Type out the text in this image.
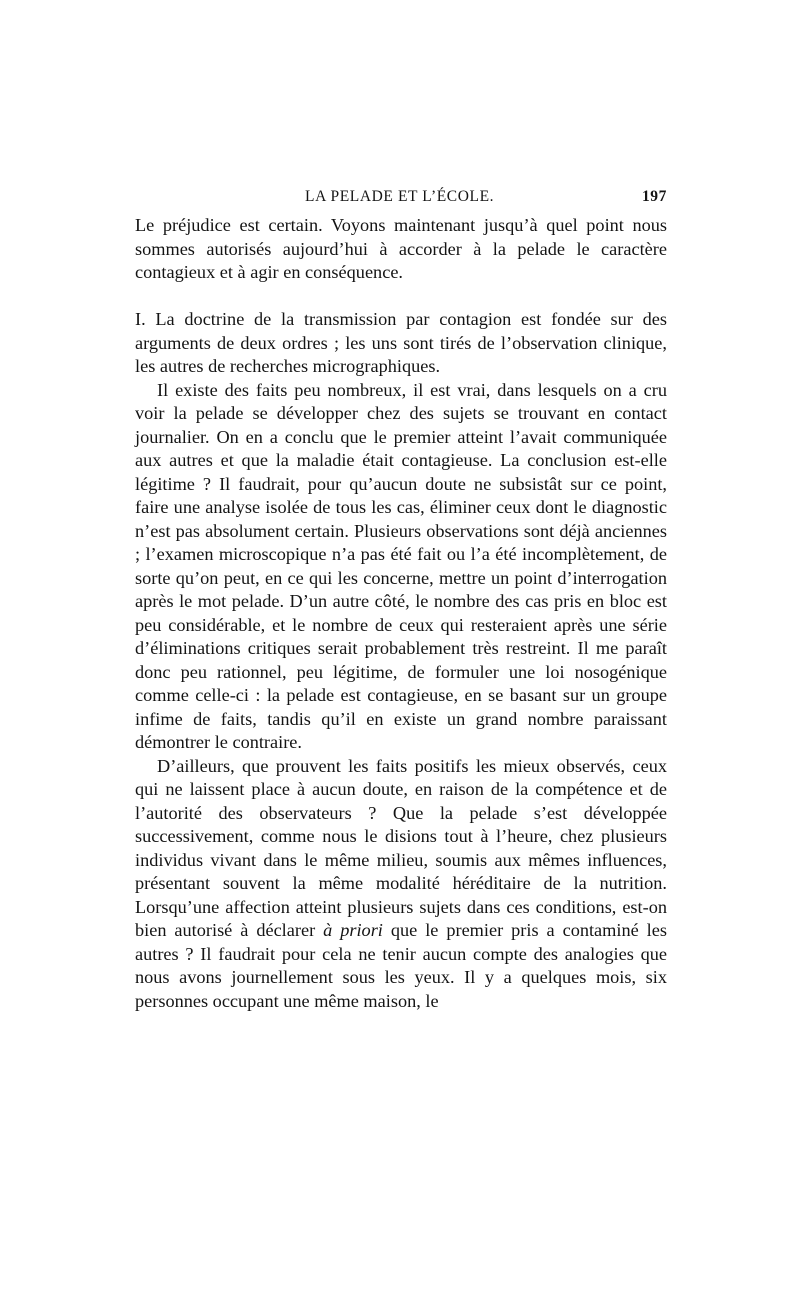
LA PELADE ET L’ÉCOLE.	197

Le préjudice est certain. Voyons maintenant jusqu’à quel point nous sommes autorisés aujourd’hui à accorder à la pelade le caractère contagieux et à agir en conséquence.

I. La doctrine de la transmission par contagion est fondée sur des arguments de deux ordres ; les uns sont tirés de l’observation clinique, les autres de recherches micrographiques.

Il existe des faits peu nombreux, il est vrai, dans lesquels on a cru voir la pelade se développer chez des sujets se trouvant en contact journalier. On en a conclu que le premier atteint l’avait communiquée aux autres et que la maladie était contagieuse. La conclusion est-elle légitime ? Il faudrait, pour qu’aucun doute ne subsistât sur ce point, faire une analyse isolée de tous les cas, éliminer ceux dont le diagnostic n’est pas absolument certain. Plusieurs observations sont déjà anciennes ; l’examen microscopique n’a pas été fait ou l’a été incomplètement, de sorte qu’on peut, en ce qui les concerne, mettre un point d’interrogation après le mot pelade. D’un autre côté, le nombre des cas pris en bloc est peu considérable, et le nombre de ceux qui resteraient après une série d’éliminations critiques serait probablement très restreint. Il me paraît donc peu rationnel, peu légitime, de formuler une loi nosogénique comme celle-ci : la pelade est contagieuse, en se basant sur un groupe infime de faits, tandis qu’il en existe un grand nombre paraissant démontrer le contraire.

D’ailleurs, que prouvent les faits positifs les mieux observés, ceux qui ne laissent place à aucun doute, en raison de la compétence et de l’autorité des observateurs ? Que la pelade s’est développée successivement, comme nous le disions tout à l’heure, chez plusieurs individus vivant dans le même milieu, soumis aux mêmes influences, présentant souvent la même modalité héréditaire de la nutrition. Lorsqu’une affection atteint plusieurs sujets dans ces conditions, est-on bien autorisé à déclarer à priori que le premier pris a contaminé les autres ? Il faudrait pour cela ne tenir aucun compte des analogies que nous avons journellement sous les yeux. Il y a quelques mois, six personnes occupant une même maison, le
